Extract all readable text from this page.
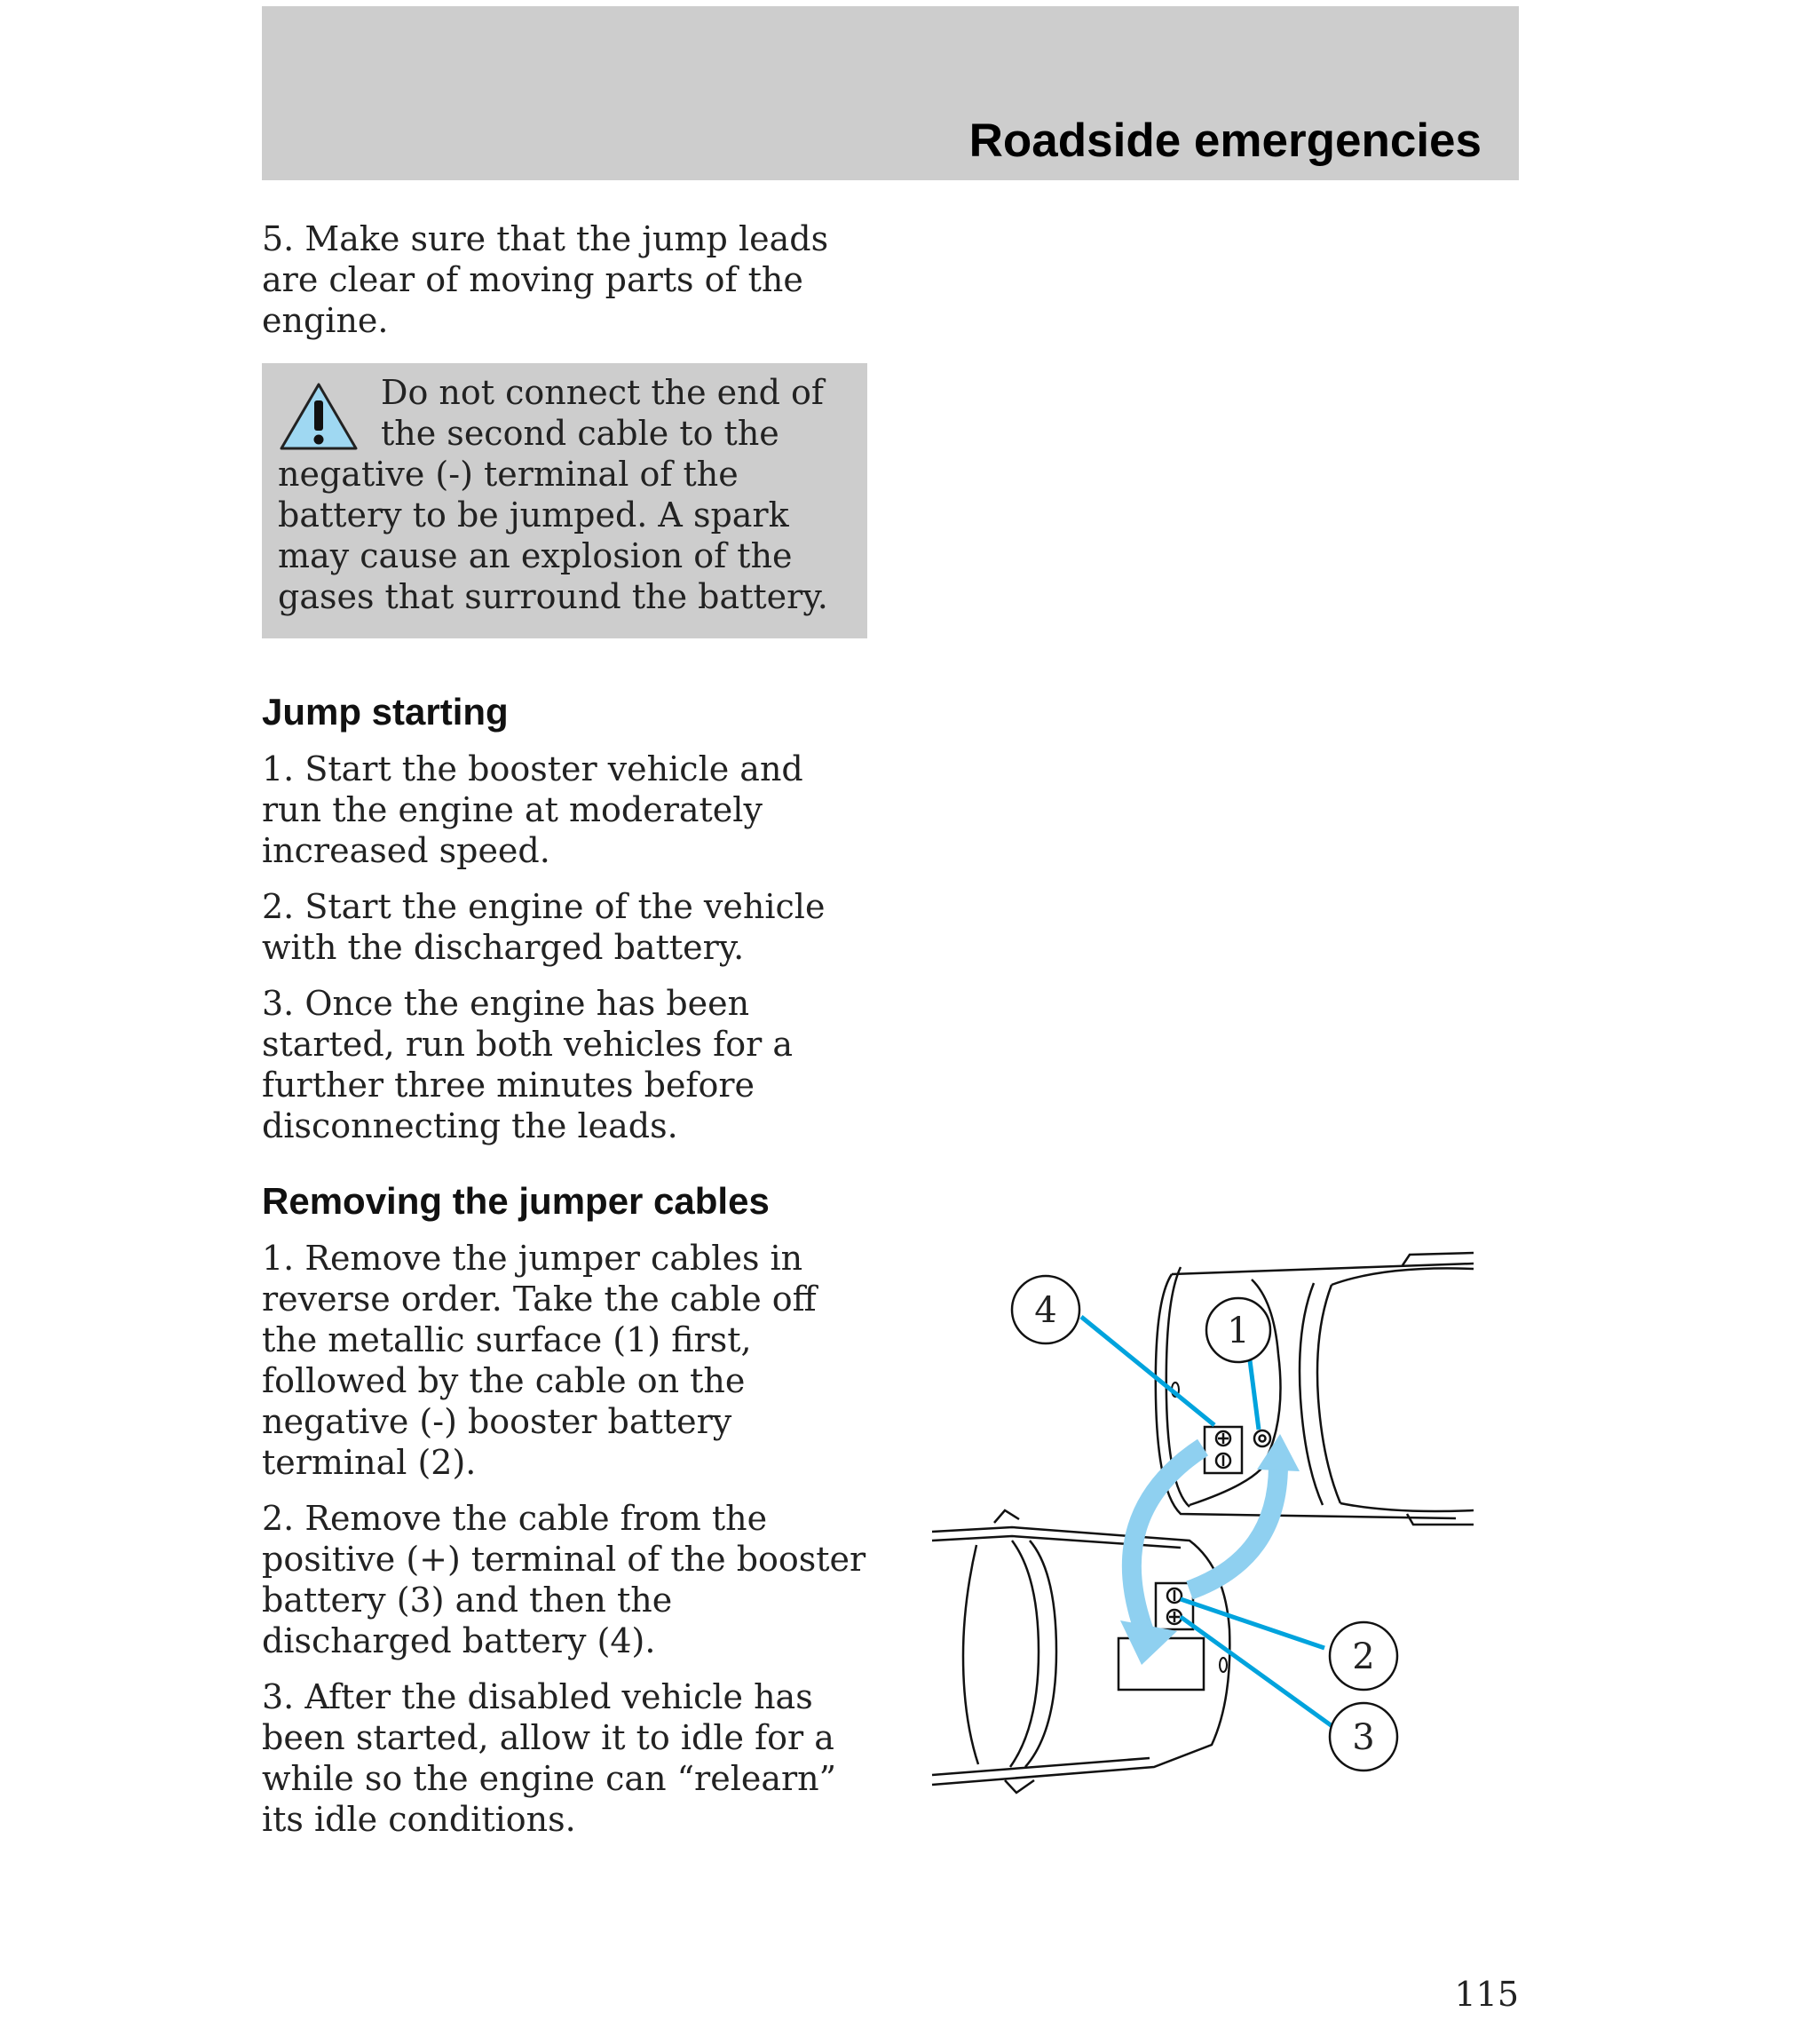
Roadside emergencies

5. Make sure that the jump leads are clear of moving parts of the engine.

Do not connect the end of the second cable to the negative (-) terminal of the battery to be jumped. A spark may cause an explosion of the gases that surround the battery.
Jump starting

1. Start the booster vehicle and run the engine at moderately increased speed.

2. Start the engine of the vehicle with the discharged battery.

3. Once the engine has been started, run both vehicles for a further three minutes before disconnecting the leads.

Removing the jumper cables

1. Remove the jumper cables in reverse order. Take the cable off the metallic surface (1) first, followed by the cable on the negative (-) booster battery terminal (2).

2. Remove the cable from the positive (+) terminal of the booster battery (3) and then the discharged battery (4).

3. After the disabled vehicle has been started, allow it to idle for a while so the engine can “relearn” its idle conditions.

4	1
2
3
115
